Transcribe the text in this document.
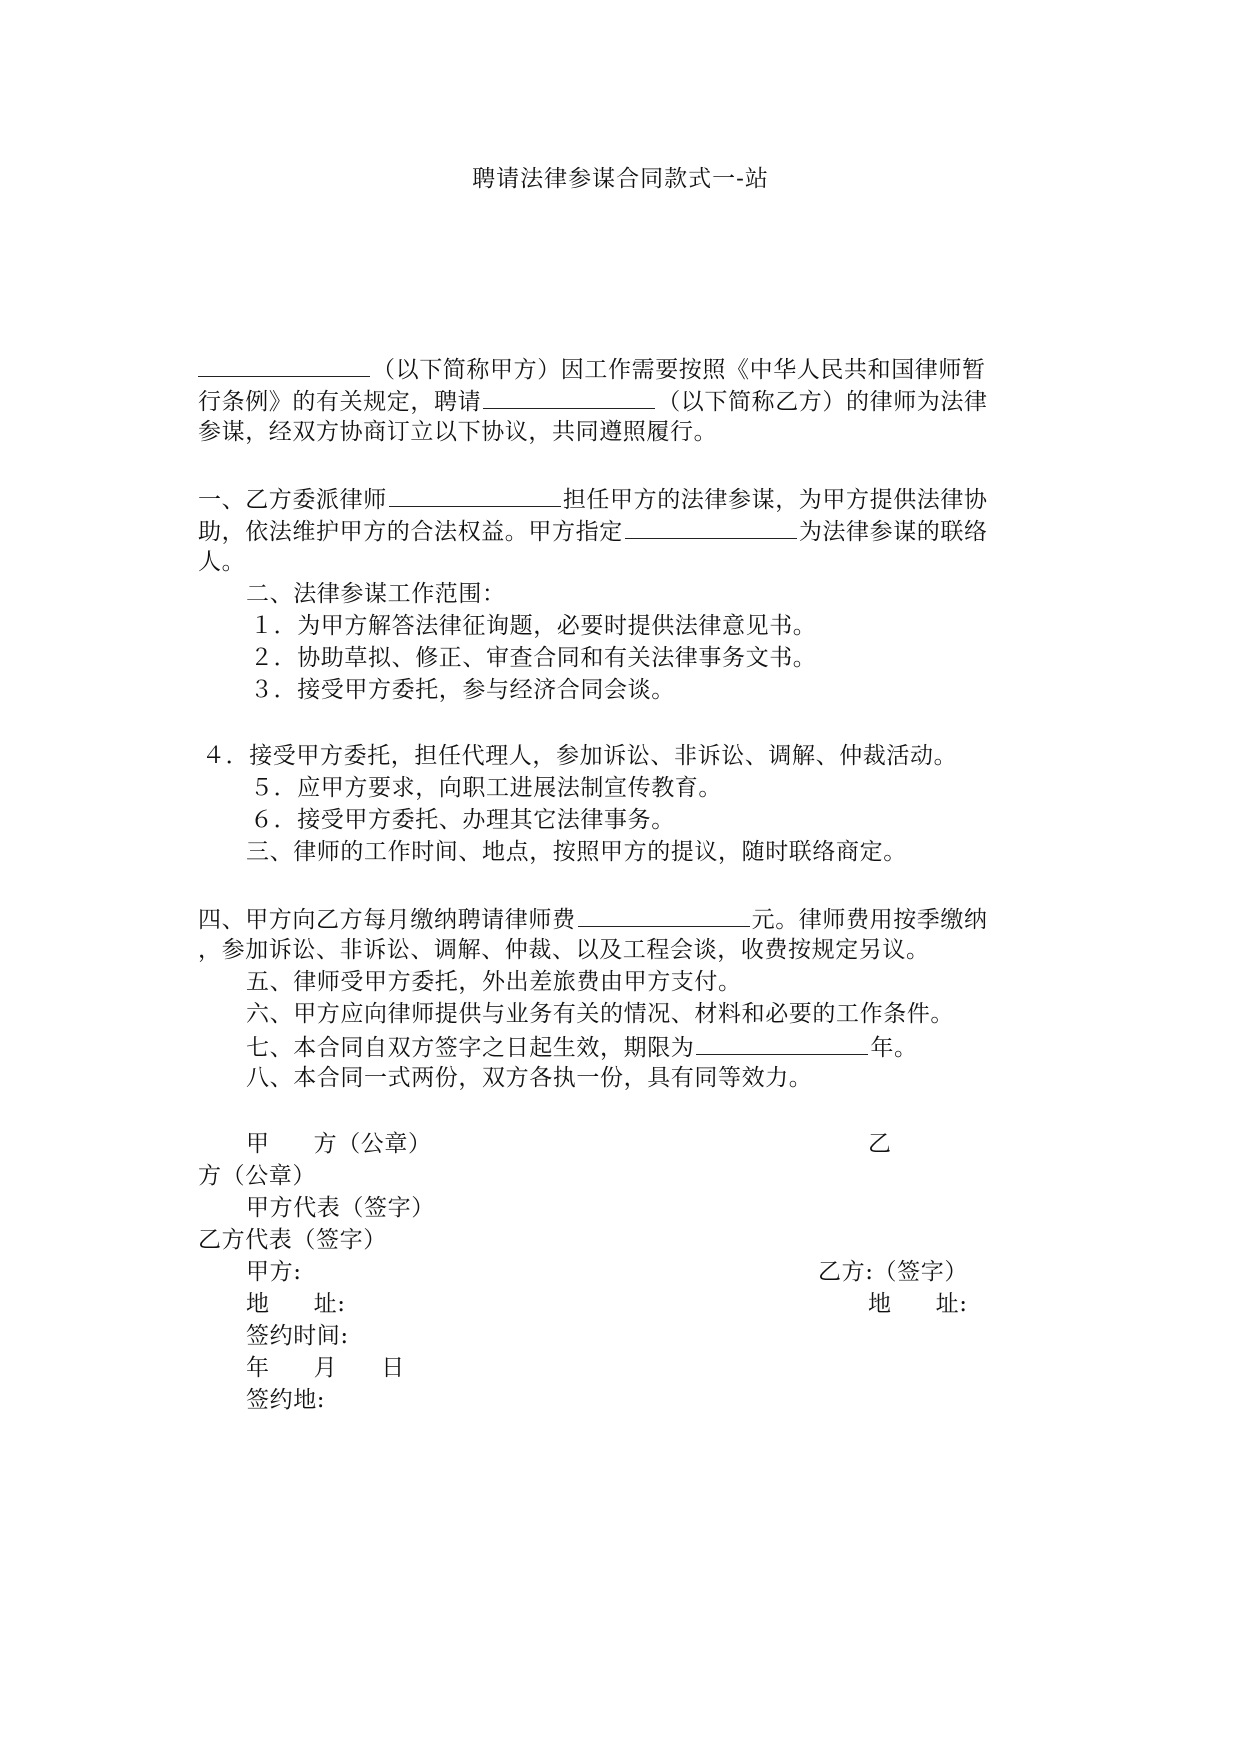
聘请法律参谋合同款式一-站
（以下简称甲方）因工作需要按照《中华人民共和国律师暂
行条例》的有关规定，聘请	（以下简称乙方）的律师为法律
参谋，经双方协商订立以下协议，共同遵照履行。
一、乙方委派律师	担任甲方的法律参谋，为甲方提供法律协
助，依法维护甲方的合法权益。甲方指定	为法律参谋的联络
人。
二、法律参谋工作范围：
１．为甲方解答法律征询题，必要时提供法律意见书。
２．协助草拟、修正、审查合同和有关法律事务文书。
３．接受甲方委托，参与经济合同会谈。
４．接受甲方委托，担任代理人，参加诉讼、非诉讼、调解、仲裁活动。
５．应甲方要求，向职工进展法制宣传教育。
６．接受甲方委托、办理其它法律事务。
三、律师的工作时间、地点，按照甲方的提议，随时联络商定。
四、甲方向乙方每月缴纳聘请律师费	元。律师费用按季缴纳
，参加诉讼、非诉讼、调解、仲裁、以及工程会谈，收费按规定另议。
五、律师受甲方委托，外出差旅费由甲方支付。
六、甲方应向律师提供与业务有关的情况、材料和必要的工作条件。
七、本合同自双方签字之日起生效，期限为	年。
八、本合同一式两份，双方各执一份，具有同等效力。
甲 方（公章）	乙
方（公章）
甲方代表（签字）
乙方代表（签字）
甲方:	乙方:（签字）
地 址:	地 址:
签约时间:
年 月 日
签约地:
